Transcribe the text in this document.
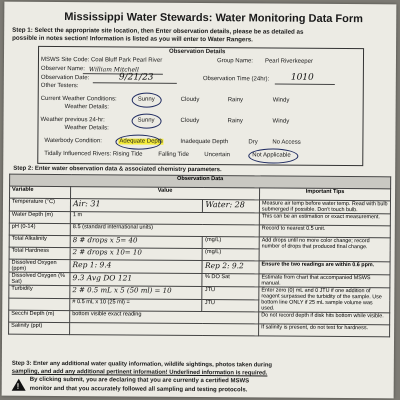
Mississippi Water Stewards: Water Monitoring Data Form
Step 1: Select the appropriate site location, then Enter observation details, please be as detailed as
possible in notes section! Information is listed as you will enter to Water Rangers.
Observation Details
MSWS Site Code: Coal Bluff Park Pearl River	Group Name: Pearl Riverkeeper
Observer Name: William Mitchell
Observation Date:	9/21/23	Observation Time (24hr): 1010
Other Testers:
Current Weather Conditions:
Weather Details:
Sunny	Cloudy	Rainy	Windy
Weather previous 24-hr:
Weather Details:
Sunny	Cloudy	Rainy	Windy
Waterbody Condition:	Adequate Depth	Inadequate Depth	Dry No Access
Tidally Influenced Rivers: Rising Tide	Falling Tide	Uncertain	Not Applicable
Step 2: Enter water observation data & associated chemistry parameters.
Observation Data			
Variable	Value		Important Tips
Temperature (°C)	Air: 31	Water: 28	Measure air temp before water temp. Read with bulb submerged if possible. Don't touch bulb.
Water Depth (m)	1 m		This can be an estimation or exact measurement.
pH (0-14)	8.5 (standard international units)		Record to nearest 0.5 unit.
Total Alkalinity	8 # drops x 5= 40	(mg/L)	Add drops until no more color change; record number of drops that produced final change.
Total Hardness	2 # drops x 10= 10	(mg/L)	
Dissolved Oxygen (ppm)	Rep 1: 9.4	Rep 2: 9.2	Ensure the two readings are within 0.6 ppm.
Dissolved Oxygen (% Sat)	9.3 Avg DO 121	% DO Sat	Estimate from chart that accompanied MSWS manual.
Turbidity	2 # 0.5 mL x 5 (50 ml) = 10	JTU	Enter zero (0) mL and 0 JTU if one addition of reagent surpassed the turbidity of the sample. Use bottom line ONLY if 25 mL sample volume was used.
	# 0.5 mL x 10 (25 ml) =	JTU	
Secchi Depth (m)	bottom visible exact reading		Do not record depth if disk hits bottom while visible.
Salinity (ppt)			If salinity is present, do not test for hardness.
Step 3: Enter any additional water quality information, wildlife sightings, photos taken during
sampling, and add any additional pertinent information! Underlined information is required.
!
By clicking submit, you are declaring that you are currently a certified MSWS
monitor and that you accurately followed all sampling and testing protocols.
